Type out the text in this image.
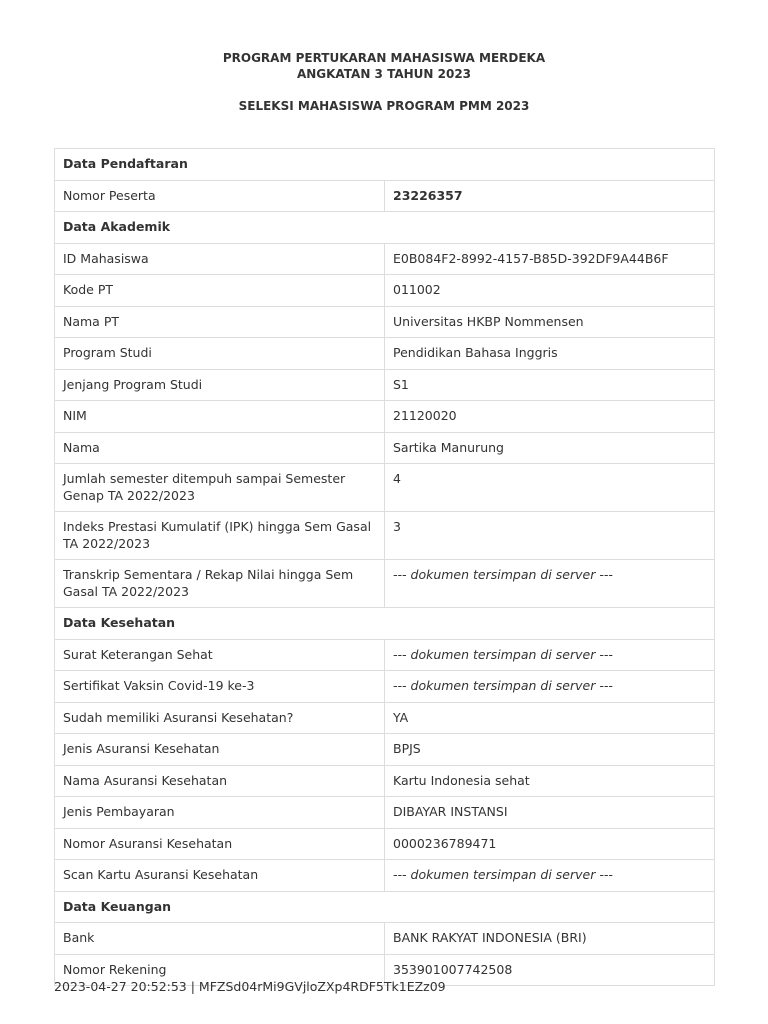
PROGRAM PERTUKARAN MAHASISWA MERDEKA
ANGKATAN 3 TAHUN 2023
SELEKSI MAHASISWA PROGRAM PMM 2023
Data Pendaftaran	
Nomor Peserta	23226357
Data Akademik	
ID Mahasiswa	E0B084F2-8992-4157-B85D-392DF9A44B6F
Kode PT	011002
Nama PT	Universitas HKBP Nommensen
Program Studi	Pendidikan Bahasa Inggris
Jenjang Program Studi	S1
NIM	21120020
Nama	Sartika Manurung
Jumlah semester ditempuh sampai Semester Genap TA 2022/2023	4
Indeks Prestasi Kumulatif (IPK) hingga Sem Gasal TA 2022/2023	3
Transkrip Sementara / Rekap Nilai hingga Sem Gasal TA 2022/2023	--- dokumen tersimpan di server ---
Data Kesehatan	
Surat Keterangan Sehat	--- dokumen tersimpan di server ---
Sertifikat Vaksin Covid-19 ke-3	--- dokumen tersimpan di server ---
Sudah memiliki Asuransi Kesehatan?	YA
Jenis Asuransi Kesehatan	BPJS
Nama Asuransi Kesehatan	Kartu Indonesia sehat
Jenis Pembayaran	DIBAYAR INSTANSI
Nomor Asuransi Kesehatan	0000236789471
Scan Kartu Asuransi Kesehatan	--- dokumen tersimpan di server ---
Data Keuangan	
Bank	BANK RAKYAT INDONESIA (BRI)
Nomor Rekening	353901007742508
2023-04-27 20:52:53 | MFZSd04rMi9GVjloZXp4RDF5Tk1EZz09
